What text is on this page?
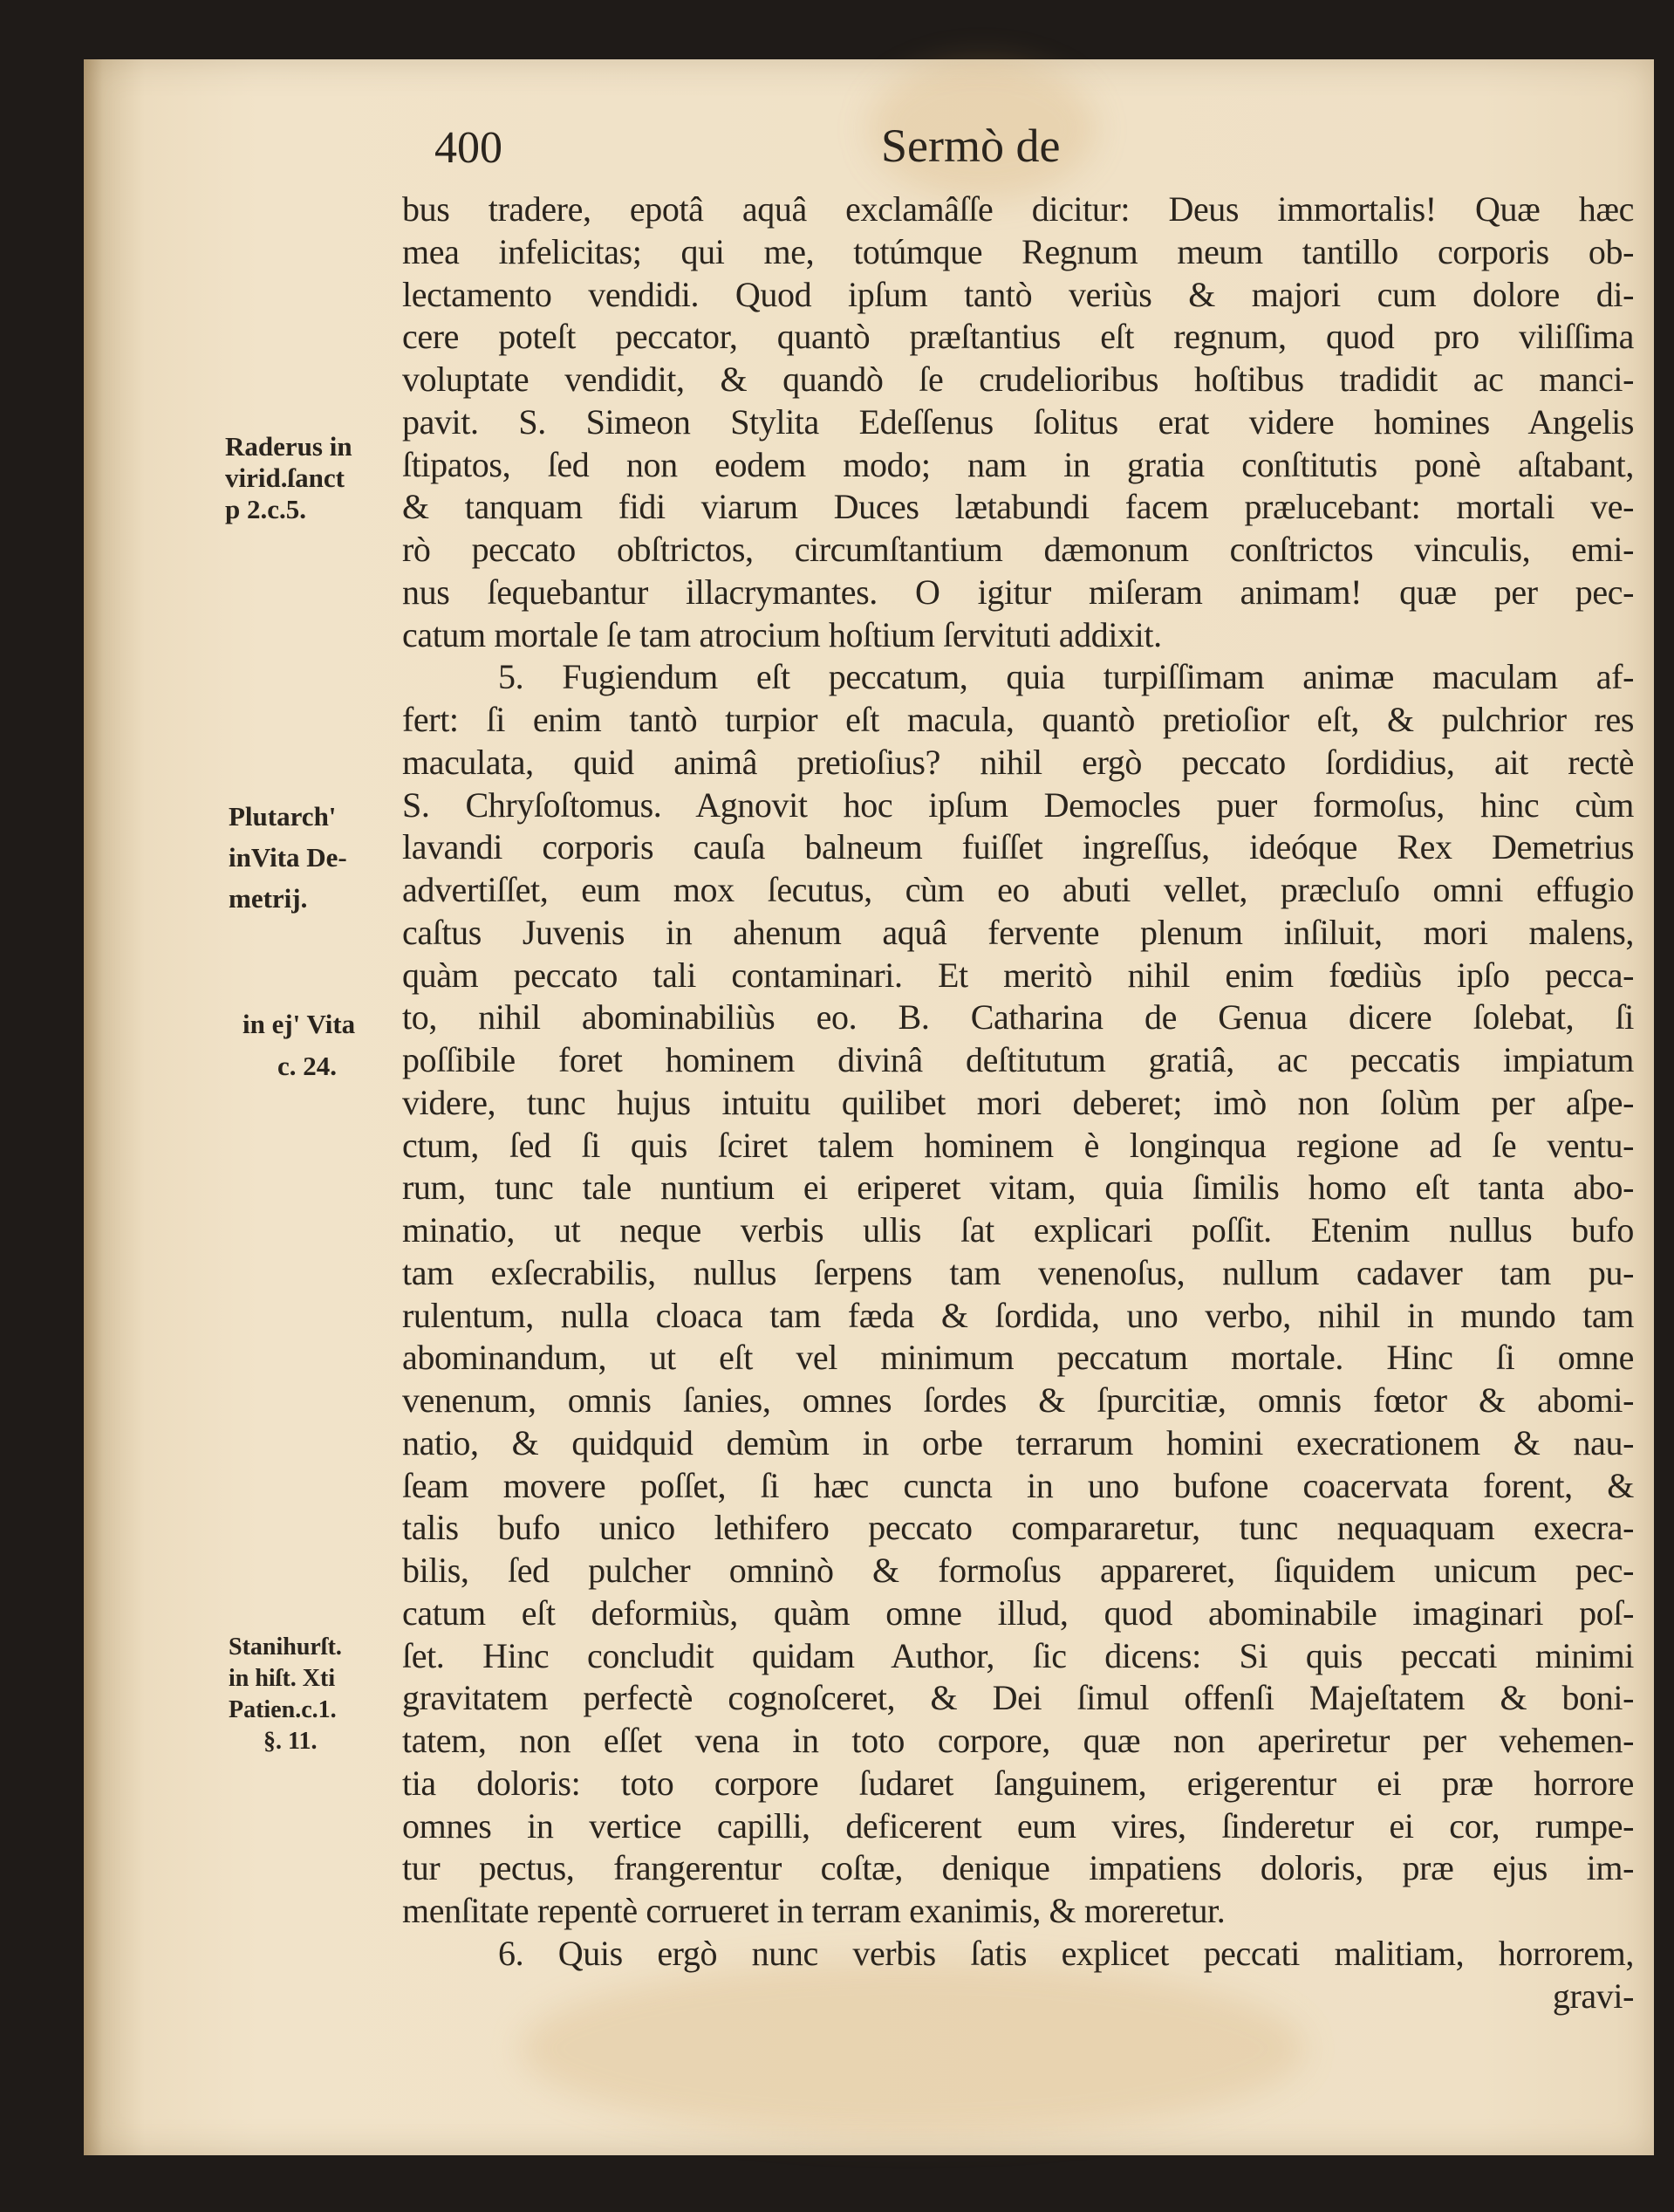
400	Sermò de
bus tradere, epotâ aquâ exclamâſſe dicitur: Deus immortalis! Quæ hæc
mea infelicitas; qui me, totúmque Regnum meum tantillo corporis ob-
lectamento vendidi. Quod ipſum tantò veriùs & majori cum dolore di-
cere poteſt peccator, quantò præſtantius eſt regnum, quod pro viliſſima
voluptate vendidit, & quandò ſe crudelioribus hoſtibus tradidit ac manci-
pavit. S. Simeon Stylita Edeſſenus ſolitus erat videre homines Angelis
ſtipatos, ſed non eodem modo; nam in gratia conſtitutis ponè aſtabant,
& tanquam fidi viarum Duces lætabundi facem prælucebant: mortali ve-
rò peccato obſtrictos, circumſtantium dæmonum conſtrictos vinculis, emi-
nus ſequebantur illacrymantes. O igitur miſeram animam! quæ per pec-
catum mortale ſe tam atrocium hoſtium ſervituti addixit.
5. Fugiendum eſt peccatum, quia turpiſſimam animæ maculam af-
fert: ſi enim tantò turpior eſt macula, quantò pretioſior eſt, & pulchrior res
maculata, quid animâ pretioſius? nihil ergò peccato ſordidius, ait rectè
S. Chryſoſtomus. Agnovit hoc ipſum Democles puer formoſus, hinc cùm
lavandi corporis cauſa balneum fuiſſet ingreſſus, ideóque Rex Demetrius
advertiſſet, eum mox ſecutus, cùm eo abuti vellet, præcluſo omni effugio
caſtus Juvenis in ahenum aquâ fervente plenum inſiluit, mori malens,
quàm peccato tali contaminari. Et meritò nihil enim fœdiùs ipſo pecca-
to, nihil abominabiliùs eo. B. Catharina de Genua dicere ſolebat, ſi
poſſibile foret hominem divinâ deſtitutum gratiâ, ac peccatis impiatum
videre, tunc hujus intuitu quilibet mori deberet; imò non ſolùm per aſpe-
ctum, ſed ſi quis ſciret talem hominem è longinqua regione ad ſe ventu-
rum, tunc tale nuntium ei eriperet vitam, quia ſimilis homo eſt tanta abo-
minatio, ut neque verbis ullis ſat explicari poſſit. Etenim nullus bufo
tam exſecrabilis, nullus ſerpens tam venenoſus, nullum cadaver tam pu-
rulentum, nulla cloaca tam fæda & ſordida, uno verbo, nihil in mundo tam
abominandum, ut eſt vel minimum peccatum mortale. Hinc ſi omne
venenum, omnis ſanies, omnes ſordes & ſpurcitiæ, omnis fœtor & abomi-
natio, & quidquid demùm in orbe terrarum homini execrationem & nau-
ſeam movere poſſet, ſi hæc cuncta in uno bufone coacervata forent, &
talis bufo unico lethifero peccato compararetur, tunc nequaquam execra-
bilis, ſed pulcher omninò & formoſus appareret, ſiquidem unicum pec-
catum eſt deformiùs, quàm omne illud, quod abominabile imaginari poſ-
ſet. Hinc concludit quidam Author, ſic dicens: Si quis peccati minimi
gravitatem perfectè cognoſceret, & Dei ſimul offenſi Majeſtatem & boni-
tatem, non eſſet vena in toto corpore, quæ non aperiretur per vehemen-
tia doloris: toto corpore ſudaret ſanguinem, erigerentur ei præ horrore
omnes in vertice capilli, deficerent eum vires, ſinderetur ei cor, rumpe-
tur pectus, frangerentur coſtæ, denique impatiens doloris, præ ejus im-
menſitate repentè corrueret in terram exanimis, & moreretur.
6. Quis ergò nunc verbis ſatis explicet peccati malitiam, horrorem,
gravi-
Raderus in
virid.ſanct
p 2.c.5.
Plutarch'
inVita De-
metrij.
in ej' Vita
c. 24.
Stanihurſt.
in hiſt. Xti
Patien.c.1.
§. 11.
